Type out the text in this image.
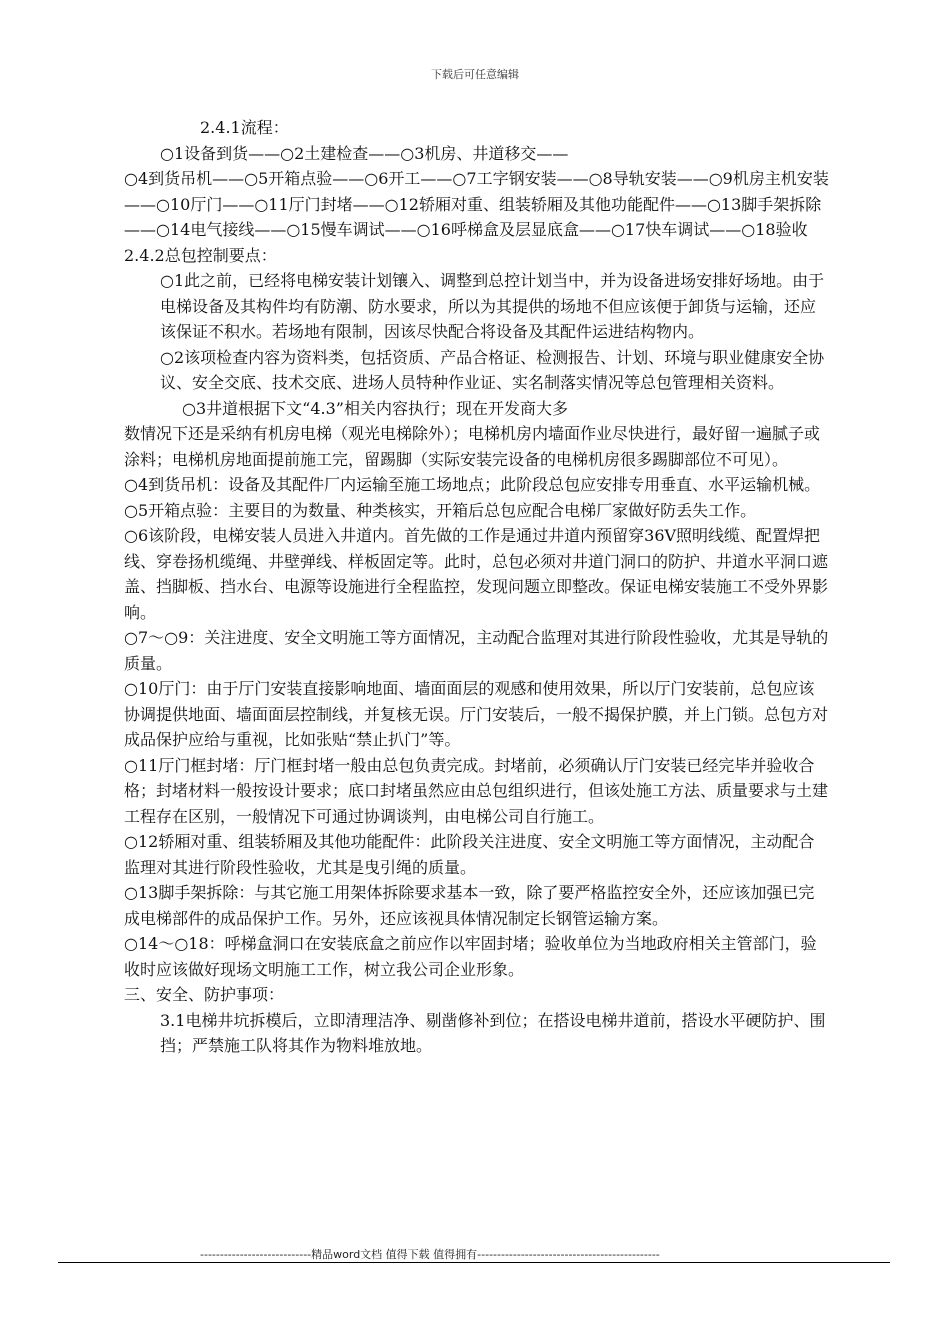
下载后可任意编辑

2.4.1流程：

○1设备到货——○2土建检查——○3机房、井道移交——

○4到货吊机——○5开箱点验——○6开工——○7工字钢安装——○8导轨安装——○9机房主机安装——○10厅门——○11厅门封堵——○12轿厢对重、组装轿厢及其他功能配件——○13脚手架拆除——○14电气接线——○15慢车调试——○16呼梯盒及层显底盒——○17快车调试——○18验收

2.4.2总包控制要点：

○1此之前，已经将电梯安装计划镶入、调整到总控计划当中，并为设备进场安排好场地。由于电梯设备及其构件均有防潮、防水要求，所以为其提供的场地不但应该便于卸货与运输，还应该保证不积水。若场地有限制，因该尽快配合将设备及其配件运进结构物内。

○2该项检查内容为资料类，包括资质、产品合格证、检测报告、计划、环境与职业健康安全协议、安全交底、技术交底、进场人员特种作业证、实名制落实情况等总包管理相关资料。

○3井道根据下文“4.3”相关内容执行；现在开发商大多

数情况下还是采纳有机房电梯（观光电梯除外）；电梯机房内墙面作业尽快进行，最好留一遍腻子或涂料；电梯机房地面提前施工完，留踢脚（实际安装完设备的电梯机房很多踢脚部位不可见）。

○4到货吊机：设备及其配件厂内运输至施工场地点；此阶段总包应安排专用垂直、水平运输机械。

○5开箱点验：主要目的为数量、种类核实，开箱后总包应配合电梯厂家做好防丢失工作。

○6该阶段，电梯安装人员进入井道内。首先做的工作是通过井道内预留穿36V照明线缆、配置焊把线、穿卷扬机缆绳、井壁弹线、样板固定等。此时，总包必须对井道门洞口的防护、井道水平洞口遮盖、挡脚板、挡水台、电源等设施进行全程监控，发现问题立即整改。保证电梯安装施工不受外界影响。

○7～○9：关注进度、安全文明施工等方面情况，主动配合监理对其进行阶段性验收，尤其是导轨的质量。

○10厅门：由于厅门安装直接影响地面、墙面面层的观感和使用效果，所以厅门安装前，总包应该协调提供地面、墙面面层控制线，并复核无误。厅门安装后，一般不揭保护膜，并上门锁。总包方对成品保护应给与重视，比如张贴“禁止扒门”等。

○11厅门框封堵：厅门框封堵一般由总包负责完成。封堵前，必须确认厅门安装已经完毕并验收合格；封堵材料一般按设计要求；底口封堵虽然应由总包组织进行，但该处施工方法、质量要求与土建工程存在区别，一般情况下可通过协调谈判，由电梯公司自行施工。

○12轿厢对重、组装轿厢及其他功能配件：此阶段关注进度、安全文明施工等方面情况，主动配合监理对其进行阶段性验收，尤其是曳引绳的质量。

○13脚手架拆除：与其它施工用架体拆除要求基本一致，除了要严格监控安全外，还应该加强已完成电梯部件的成品保护工作。另外，还应该视具体情况制定长钢管运输方案。

○14～○18：呼梯盒洞口在安装底盒之前应作以牢固封堵；验收单位为当地政府相关主管部门，验收时应该做好现场文明施工工作，树立我公司企业形象。

三、安全、防护事项：

3.1电梯井坑拆模后，立即清理洁净、剔凿修补到位；在搭设电梯井道前，搭设水平硬防护、围挡；严禁施工队将其作为物料堆放地。

----------------------------精品word文档 值得下载 值得拥有----------------------------------------------
